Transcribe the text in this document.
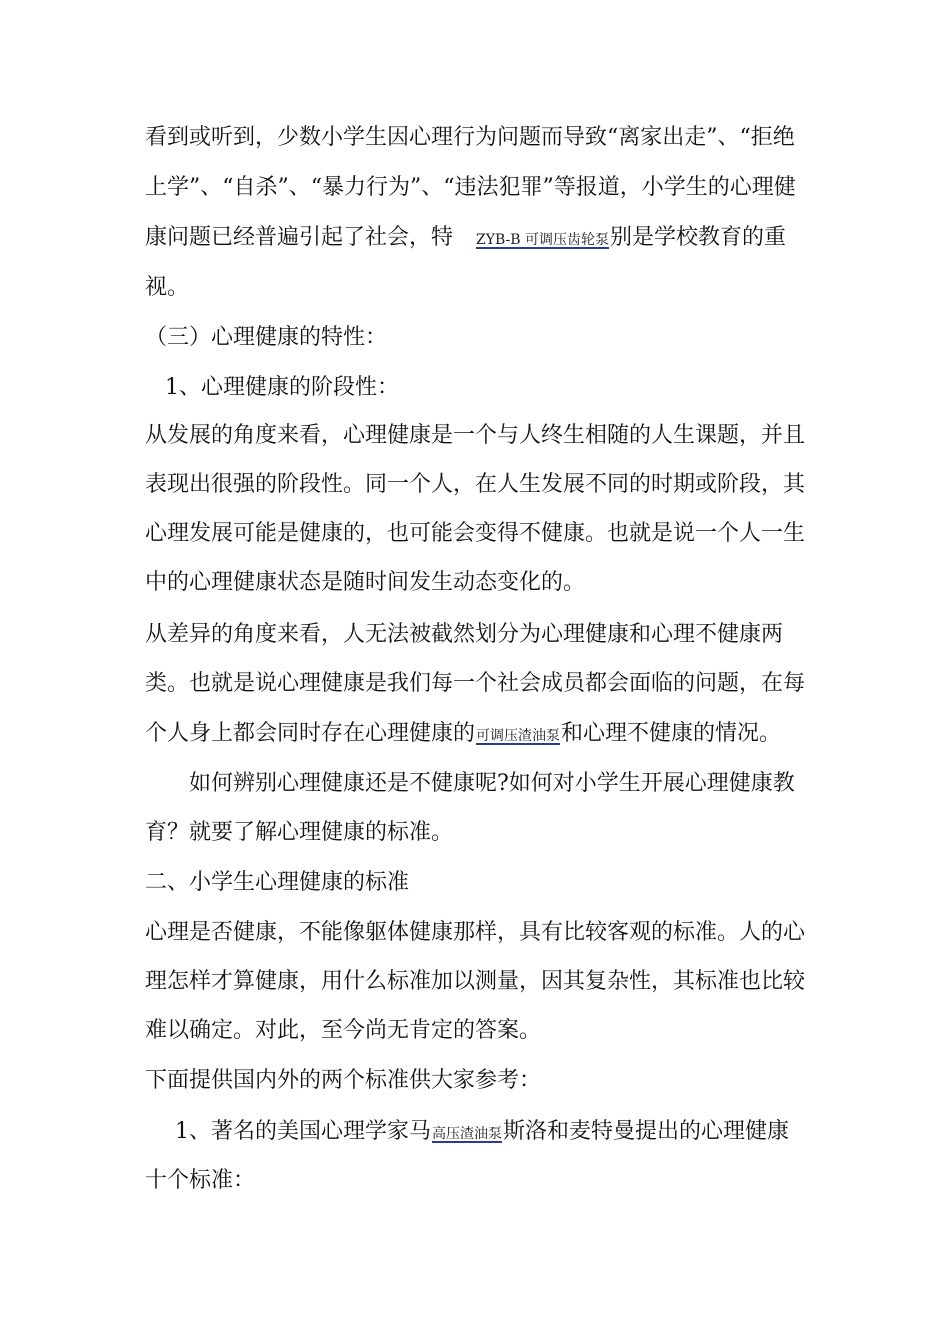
看到或听到，少数小学生因心理行为问题而导致“离家出走”、“拒绝
上学”、“自杀”、“暴力行为”、“违法犯罪”等报道，小学生的心理健
康问题已经普遍引起了社会，特 ZYB-B 可调压齿轮泵别是学校教育的重
视。
（三）心理健康的特性：
1、心理健康的阶段性：
从发展的角度来看，心理健康是一个与人终生相随的人生课题，并且
表现出很强的阶段性。同一个人，在人生发展不同的时期或阶段，其
心理发展可能是健康的，也可能会变得不健康。也就是说一个人一生
中的心理健康状态是随时间发生动态变化的。
从差异的角度来看，人无法被截然划分为心理健康和心理不健康两
类。也就是说心理健康是我们每一个社会成员都会面临的问题，在每
个人身上都会同时存在心理健康的可调压渣油泵和心理不健康的情况。
如何辨别心理健康还是不健康呢?如何对小学生开展心理健康教
育？就要了解心理健康的标准。
二、小学生心理健康的标准
心理是否健康，不能像躯体健康那样，具有比较客观的标准。人的心
理怎样才算健康，用什么标准加以测量，因其复杂性，其标准也比较
难以确定。对此，至今尚无肯定的答案。
下面提供国内外的两个标准供大家参考：
1、著名的美国心理学家马高压渣油泵斯洛和麦特曼提出的心理健康
十个标准：
